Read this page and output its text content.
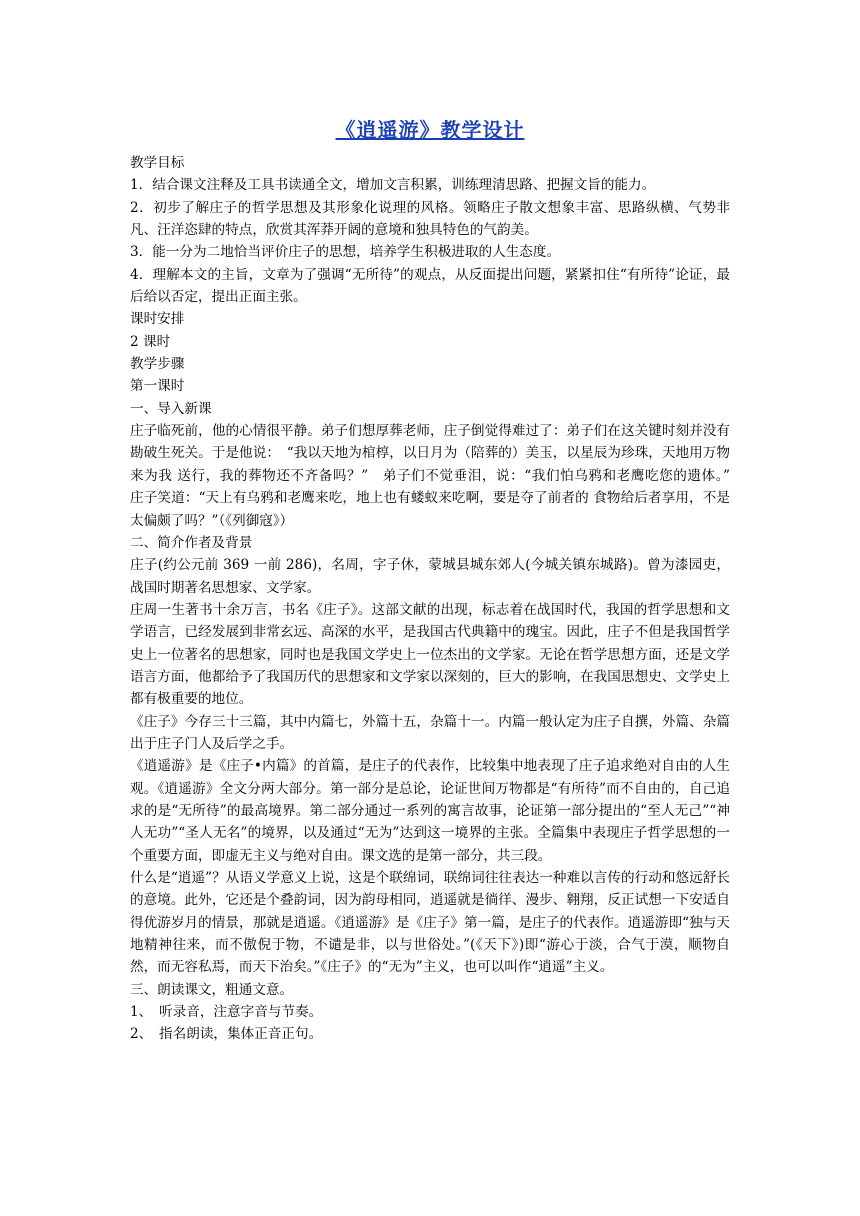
《逍遥游》教学设计

教学目标

1．结合课文注释及工具书读通全文，增加文言积累，训练理清思路、把握文旨的能力。

2．初步了解庄子的哲学思想及其形象化说理的风格。领略庄子散文想象丰富、思路纵横、气势非凡、汪洋恣肆的特点，欣赏其浑莽开阔的意境和独具特色的气韵美。

3．能一分为二地恰当评价庄子的思想，培养学生积极进取的人生态度。

4．理解本文的主旨，文章为了强调“无所待”的观点，从反面提出问题，紧紧扣住“有所待”论证，最后给以否定，提出正面主张。

课时安排

2 课时

教学步骤

第一课时

一、导入新课

庄子临死前，他的心情很平静。弟子们想厚葬老师，庄子倒觉得难过了：弟子们在这关键时刻并没有勘破生死关。于是他说：　“我以天地为棺椁，以日月为（陪葬的）美玉，以星辰为珍珠，天地用万物来为我 送行，我的葬物还不齐备吗？”　弟子们不觉垂泪，说：“我们怕乌鸦和老鹰吃您的遗体。”　庄子笑道：“天上有乌鸦和老鹰来吃，地上也有蝼蚁来吃啊，要是夺了前者的 食物给后者享用，不是太偏颇了吗？”（《列御寇》）

二、简介作者及背景

庄子(约公元前 369 一前 286)，名周，字子休，蒙城县城东郊人(今城关镇东城路)。曾为漆园吏，战国时期著名思想家、文学家。

庄周一生著书十余万言，书名《庄子》。这部文献的出现，标志着在战国时代，我国的哲学思想和文学语言，已经发展到非常玄远、高深的水平，是我国古代典籍中的瑰宝。因此，庄子不但是我国哲学史上一位著名的思想家，同时也是我国文学史上一位杰出的文学家。无论在哲学思想方面，还是文学语言方面，他都给予了我国历代的思想家和文学家以深刻的，巨大的影响，在我国思想史、文学史上都有极重要的地位。

《庄子》今存三十三篇，其中内篇七，外篇十五，杂篇十一。内篇一般认定为庄子自撰，外篇、杂篇出于庄子门人及后学之手。

《逍遥游》是《庄子•内篇》的首篇，是庄子的代表作，比较集中地表现了庄子追求绝对自由的人生观。《逍遥游》全文分两大部分。第一部分是总论，论证世间万物都是“有所待”而不自由的，自己追求的是“无所待”的最高境界。第二部分通过一系列的寓言故事，论证第一部分提出的“至人无己”“神人无功”“圣人无名”的境界，以及通过“无为”达到这一境界的主张。全篇集中表现庄子哲学思想的一个重要方面，即虚无主义与绝对自由。课文选的是第一部分，共三段。

什么是“逍遥”？从语义学意义上说，这是个联绵词，联绵词往往表达一种难以言传的行动和悠远舒长的意境。此外，它还是个叠韵词，因为韵母相同，逍遥就是徜徉、漫步、翱翔，反正试想一下安适自得优游岁月的情景，那就是逍遥。《逍遥游》是《庄子》第一篇，是庄子的代表作。逍遥游即“独与天地精神往来，而不傲倪于物，不谴是非，以与世俗处。”(《天下》)即“游心于淡，合气于漠，顺物自然，而无容私焉，而天下治矣。”《庄子》的“无为”主义，也可以叫作“逍遥”主义。

三、朗读课文，粗通文意。

1、　听录音，注意字音与节奏。

2、　指名朗读，集体正音正句。
